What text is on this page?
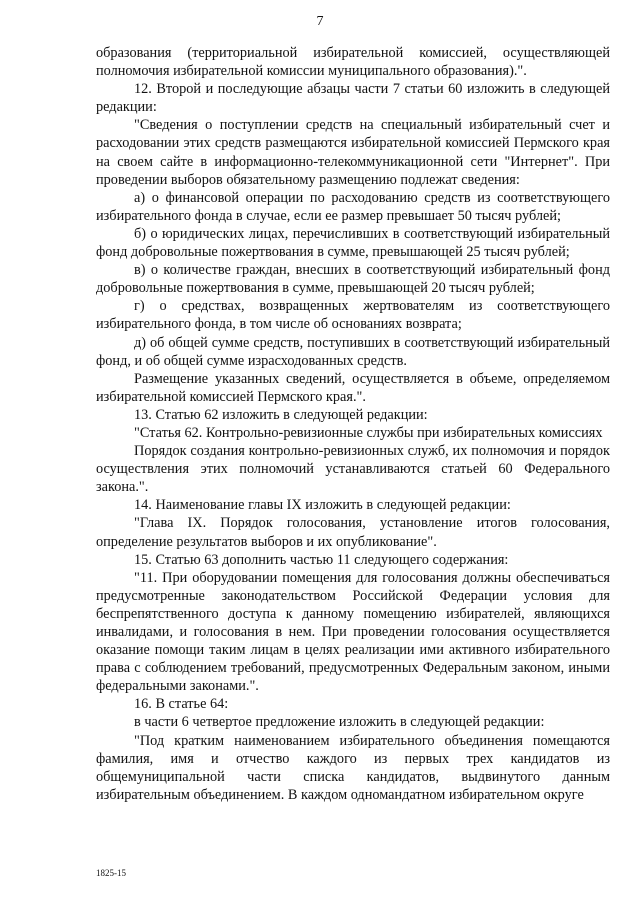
7

образования (территориальной избирательной комиссией, осуществляющей полномочия избирательной комиссии муниципального образования).".

12. Второй и последующие абзацы части 7 статьи 60 изложить в следующей редакции:

"Сведения о поступлении средств на специальный избирательный счет и расходовании этих средств размещаются избирательной комиссией Пермского края на своем сайте в информационно-телекоммуникационной сети "Интернет". При проведении выборов обязательному размещению подлежат сведения:

а) о финансовой операции по расходованию средств из соответствующего избирательного фонда в случае, если ее размер превышает 50 тысяч рублей;

б) о юридических лицах, перечисливших в соответствующий избирательный фонд добровольные пожертвования в сумме, превышающей 25 тысяч рублей;

в) о количестве граждан, внесших в соответствующий избирательный фонд добровольные пожертвования в сумме, превышающей 20 тысяч рублей;

г) о средствах, возвращенных жертвователям из соответствующего избирательного фонда, в том числе об основаниях возврата;

д) об общей сумме средств, поступивших в соответствующий избирательный фонд, и об общей сумме израсходованных средств.

Размещение указанных сведений, осуществляется в объеме, определяемом избирательной комиссией Пермского края.".

13. Статью 62 изложить в следующей редакции:

"Статья 62. Контрольно-ревизионные службы при избирательных комиссиях

Порядок создания контрольно-ревизионных служб, их полномочия и порядок осуществления этих полномочий устанавливаются статьей 60 Федерального закона.".

14. Наименование главы IX изложить в следующей редакции:

"Глава IX. Порядок голосования, установление итогов голосования, определение результатов выборов и их опубликование".

15. Статью 63 дополнить частью 11 следующего содержания:

"11. При оборудовании помещения для голосования должны обеспечиваться предусмотренные законодательством Российской Федерации условия для беспрепятственного доступа к данному помещению избирателей, являющихся инвалидами, и голосования в нем. При проведении голосования осуществляется оказание помощи таким лицам в целях реализации ими активного избирательного права с соблюдением требований, предусмотренных Федеральным законом, иными федеральными законами.".

16. В статье 64:

в части 6 четвертое предложение изложить в следующей редакции:

"Под кратким наименованием избирательного объединения помещаются фамилия, имя и отчество каждого из первых трех кандидатов из общемуниципальной части списка кандидатов, выдвинутого данным избирательным объединением. В каждом одномандатном избирательном округе

1825-15
